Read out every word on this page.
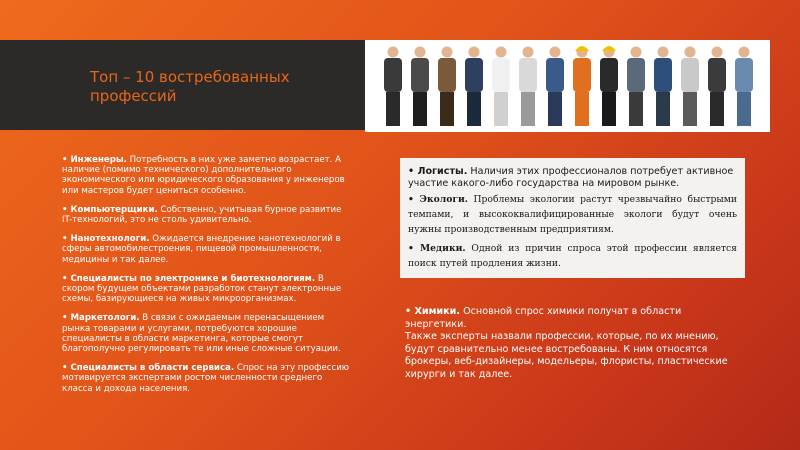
Топ – 10 востребованных
профессий

• Инженеры. Потребность в них уже заметно возрастает. А наличие (помимо технического) дополнительного экономического или юридического образования у инженеров или мастеров будет цениться особенно.

• Компьютерщики. Собственно, учитывая бурное развитие IT-технологий, это не столь удивительно.

• Нанотехнологи. Ожидается внедрение нанотехнологий в сферы автомобилестроения, пищевой промышленности, медицины и так далее.

• Специалисты по электронике и биотехнологиям. В скором будущем объектами разработок станут электронные схемы, базирующиеся на живых микроорганизмах.

• Маркетологи. В связи с ожидаемым перенасыщением рынка товарами и услугами, потребуются хорошие специалисты в области маркетинга, которые смогут благополучно регулировать те или иные сложные ситуации.

• Специалисты в области сервиса. Спрос на эту профессию мотивируется экспертами ростом численности среднего класса и дохода населения.

• Логисты. Наличия этих профессионалов потребует активное участие какого-либо государства на мировом рынке.

• Экологи. Проблемы экологии растут чрезвычайно быстрыми темпами, и высококвалифицированные экологи будут очень нужны производственным предприятиям.

• Медики. Одной из причин спроса этой профессии является поиск путей продления жизни.

• Химики. Основной спрос химики получат в области энергетики.

Также эксперты назвали профессии, которые, по их мнению, будут сравнительно менее востребованы. К ним относятся брокеры, веб-дизайнеры, модельеры, флористы, пластические хирурги и так далее.
